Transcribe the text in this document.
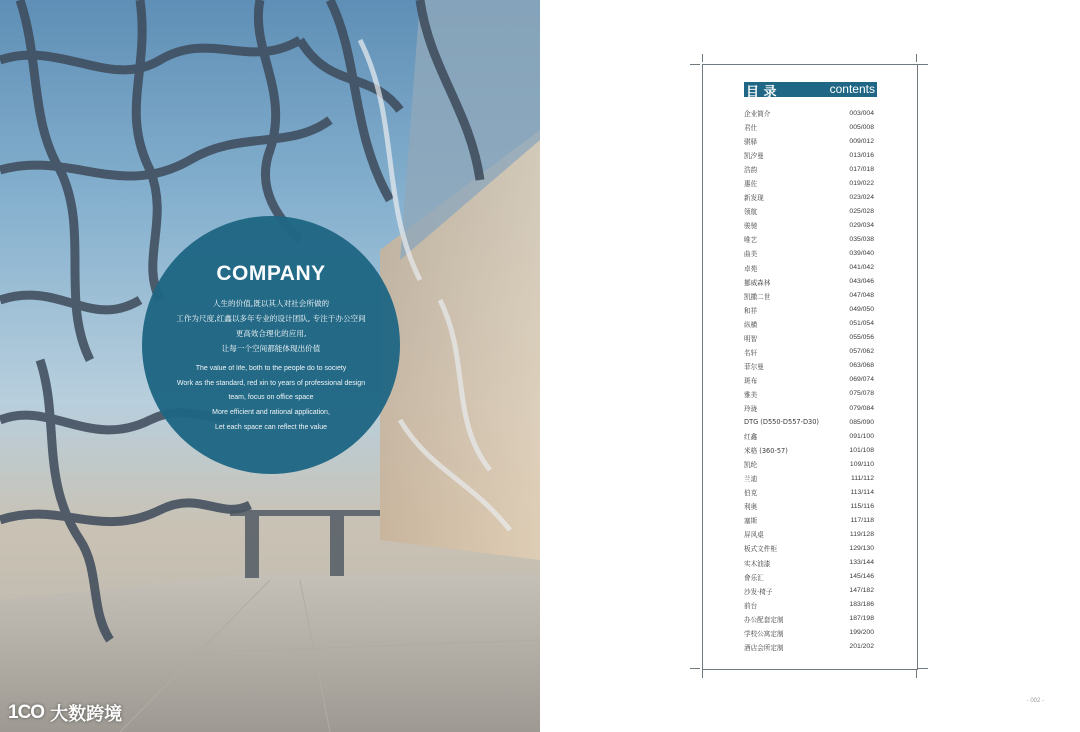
COMPANY
人生的价值,既以其人对社会所做的
工作为尺度,红鑫以多年专业的设计团队, 专注于办公空间
更高效合理化的应用,
让每一个空间都能体现出价值
The value of life, both to the people do to society
Work as the standard, red xin to years of professional design
team, focus on office space
More efficient and rational application,
Let each space can reflect the value
1CO 大数跨境
目 录	contents
企业简介	003/004
君仕	005/008
骐驿	009/012
凯汐曼	013/016
浩韵	017/018
惠佐	019/022
新发现	023/024
领航	025/028
骏驰	029/034
唯艺	035/038
曲美	039/040
卓苑	041/042
挪威森林	043/046
凯撒二世	047/048
和祥	049/050
纵横	051/054
明智	055/056
名轩	057/062
菲尔曼	063/068
斑布	069/074
雅美	075/078
玲珑	079/084
DTG (D550-D557-D30)	085/090
红鑫	091/100
米格 (360-57)	101/108
凯纶	109/110
兰迪	111/112
伯克	113/114
利奥	115/116
塞斯	117/118
屏风桌	119/128
板式文件柜	129/130
实木油漆	133/144
會乐汇	145/146
沙发·椅子	147/182
前台	183/186
办公配套定制	187/198
学校公寓定制	199/200
酒店会所定制	201/202
- 002 -
